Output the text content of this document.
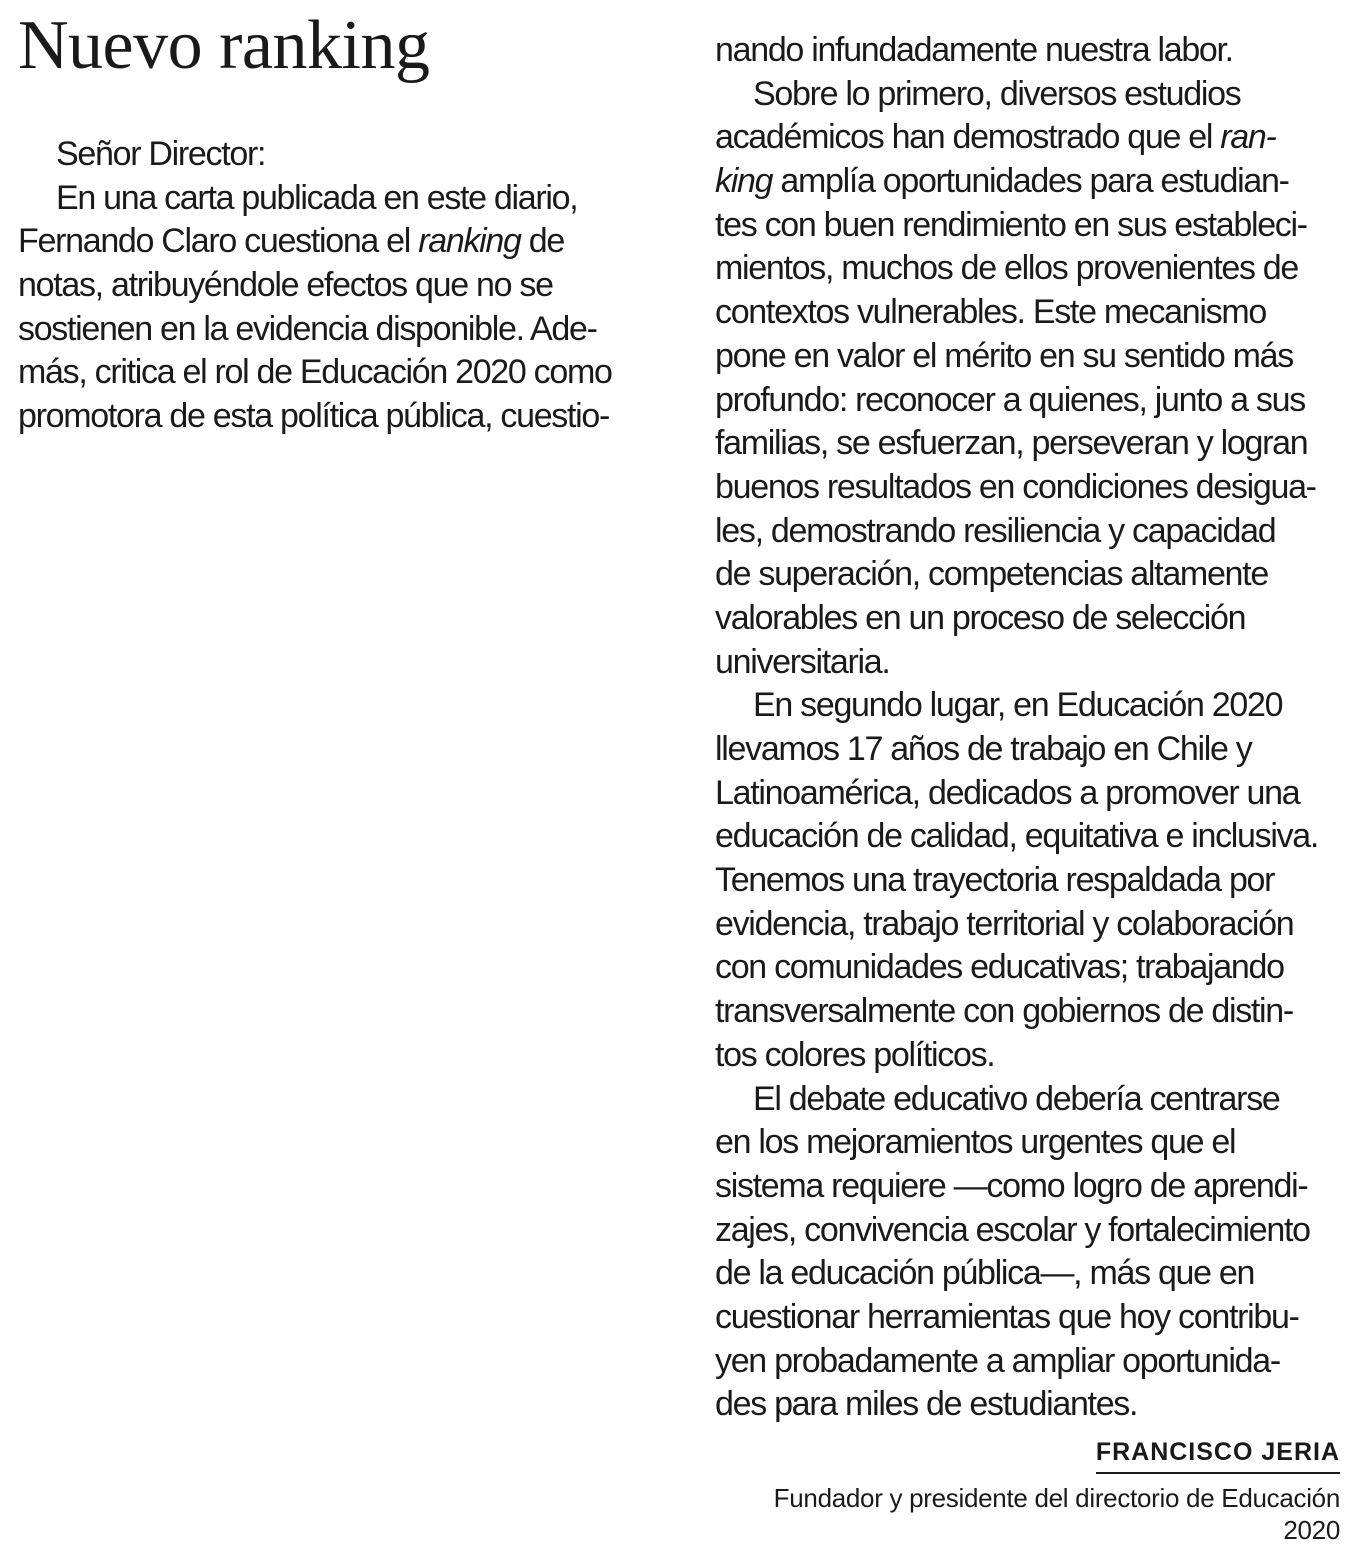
Nuevo ranking
Señor Director:
En una carta publicada en este diario,
Fernando Claro cuestiona el ranking de
notas, atribuyéndole efectos que no se
sostienen en la evidencia disponible. Ade-
más, critica el rol de Educación 2020 como
promotora de esta política pública, cuestio-
nando infundadamente nuestra labor.
Sobre lo primero, diversos estudios
académicos han demostrado que el ran-
king amplía oportunidades para estudian-
tes con buen rendimiento en sus estableci-
mientos, muchos de ellos provenientes de
contextos vulnerables. Este mecanismo
pone en valor el mérito en su sentido más
profundo: reconocer a quienes, junto a sus
familias, se esfuerzan, perseveran y logran
buenos resultados en condiciones desigua-
les, demostrando resiliencia y capacidad
de superación, competencias altamente
valorables en un proceso de selección
universitaria.
En segundo lugar, en Educación 2020
llevamos 17 años de trabajo en Chile y
Latinoamérica, dedicados a promover una
educación de calidad, equitativa e inclusiva.
Tenemos una trayectoria respaldada por
evidencia, trabajo territorial y colaboración
con comunidades educativas; trabajando
transversalmente con gobiernos de distin-
tos colores políticos.
El debate educativo debería centrarse
en los mejoramientos urgentes que el
sistema requiere —como logro de aprendi-
zajes, convivencia escolar y fortalecimiento
de la educación pública—, más que en
cuestionar herramientas que hoy contribu-
yen probadamente a ampliar oportunida-
des para miles de estudiantes.
FRANCISCO JERIA
Fundador y presidente del directorio de Educación
2020
